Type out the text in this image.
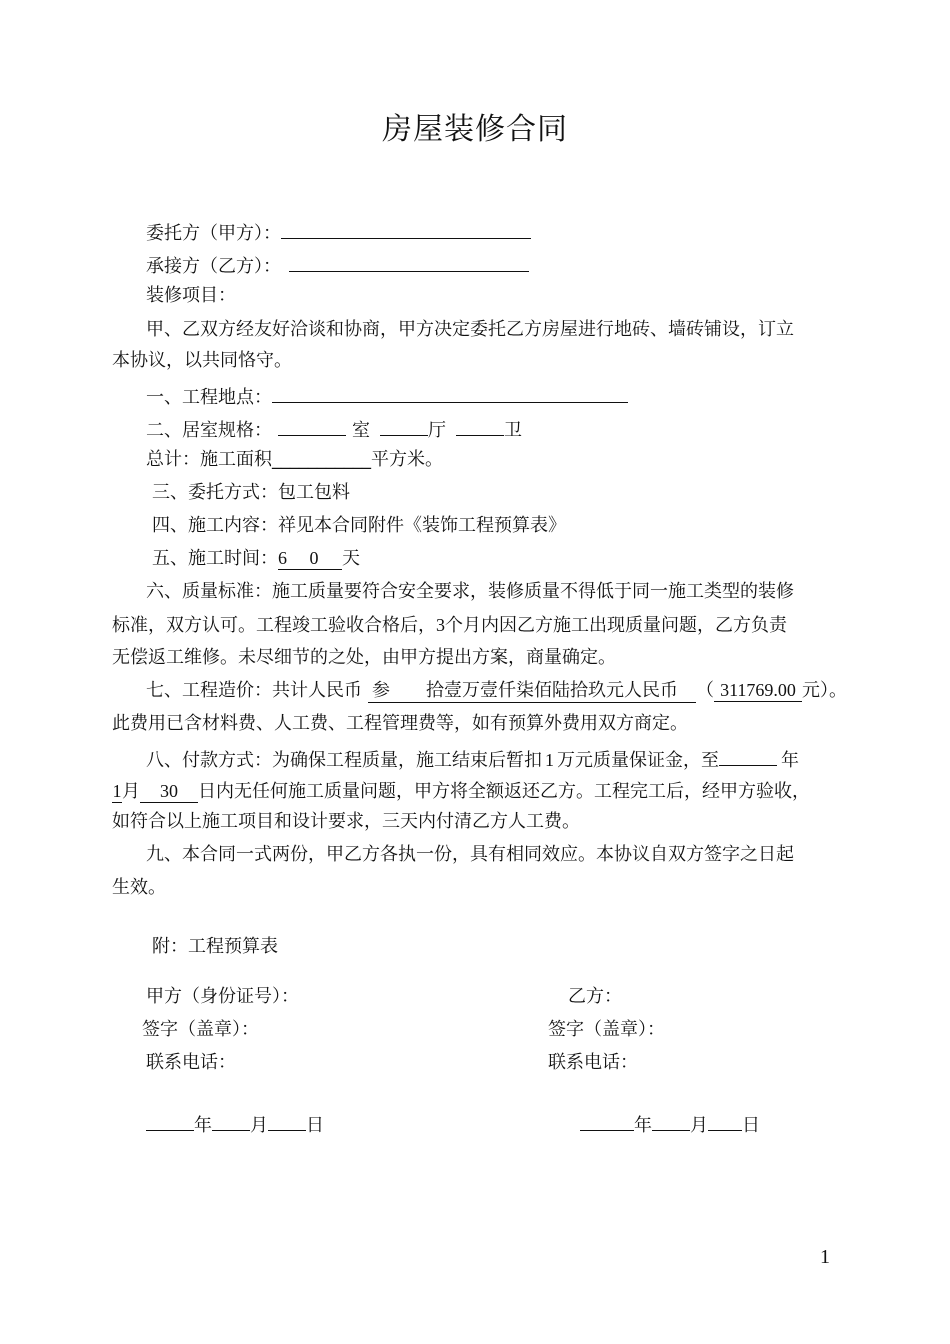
房屋装修合同
委托方（甲方）：
承接方（乙方）：
装修项目：
甲、乙双方经友好洽谈和协商，甲方决定委托乙方房屋进行地砖、墙砖铺设，订立
本协议，以共同恪守。
一、工程地点：
二、居室规格：	室	厅	卫
总计：施工面积___________平方米。
三、委托方式：包工包料
四、施工内容：祥见本合同附件《装饰工程预算表》
五、施工时间：6　 0 天
六、质量标准：施工质量要符合安全要求，装修质量不得低于同一施工类型的装修
标准，双方认可。工程竣工验收合格后，3个月内因乙方施工出现质量问题，乙方负责
无偿返工维修。未尽细节的之处，由甲方提出方案，商量确定。
七、工程造价：共计人民币 参　　拾壹万壹仟柒佰陆拾玖元人民币 （ 311769.00 元）。
此费用已含材料费、人工费、工程管理费等，如有预算外费用双方商定。
八、付款方式：为确保工程质量，施工结束后暂扣 1 万元质量保证金，至	年
1月 30 日内无任何施工质量问题，甲方将全额返还乙方。工程完工后，经甲方验收，
如符合以上施工项目和设计要求，三天内付清乙方人工费。
九、本合同一式两份，甲乙方各执一份，具有相同效应。本协议自双方签字之日起
生效。
附：工程预算表
甲方（身份证号）：	乙方：
签字（盖章）：	签字（盖章）：
联系电话：	联系电话：
年 月 日	年 月 日
1
